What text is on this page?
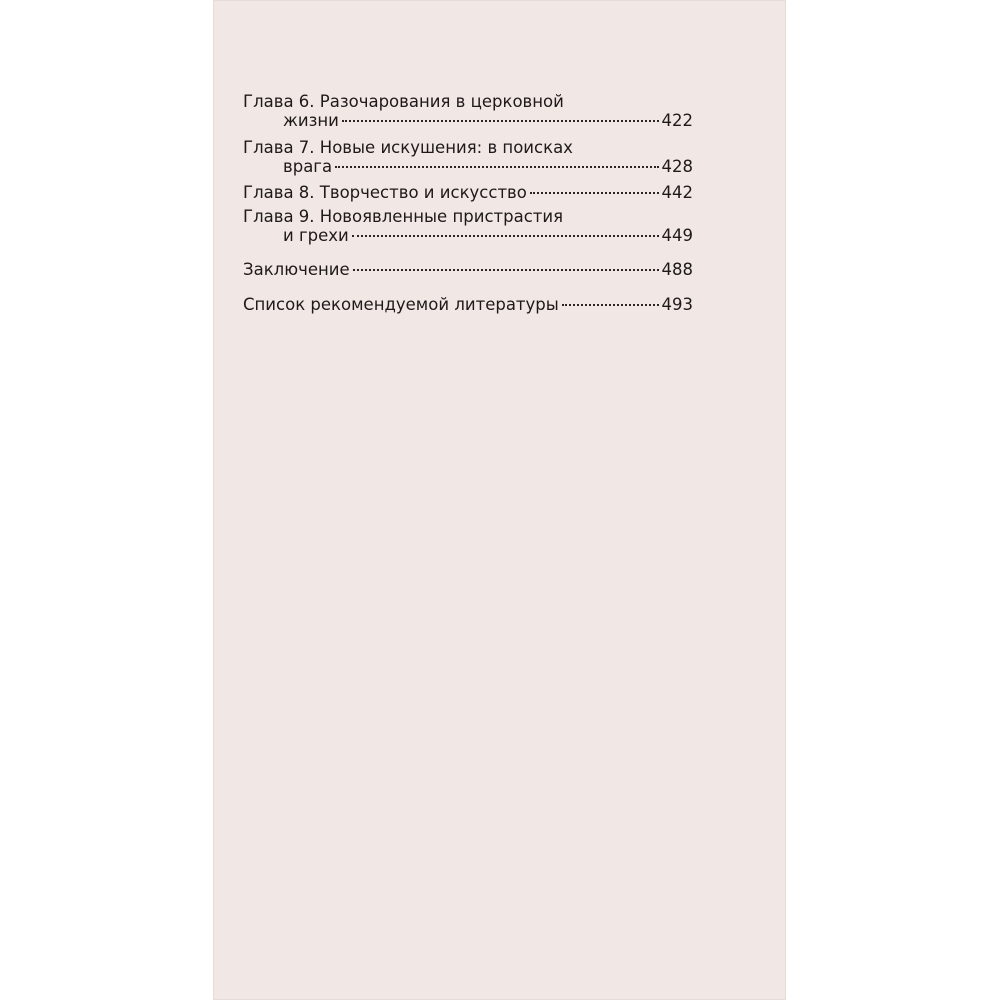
Глава 6. Разочарования в церковной
жизни	422
Глава 7. Новые искушения: в поисках
врага	428
Глава 8. Творчество и искусство	442
Глава 9. Новоявленные пристрастия
и грехи	449
Заключение	488
Список рекомендуемой литературы	493
